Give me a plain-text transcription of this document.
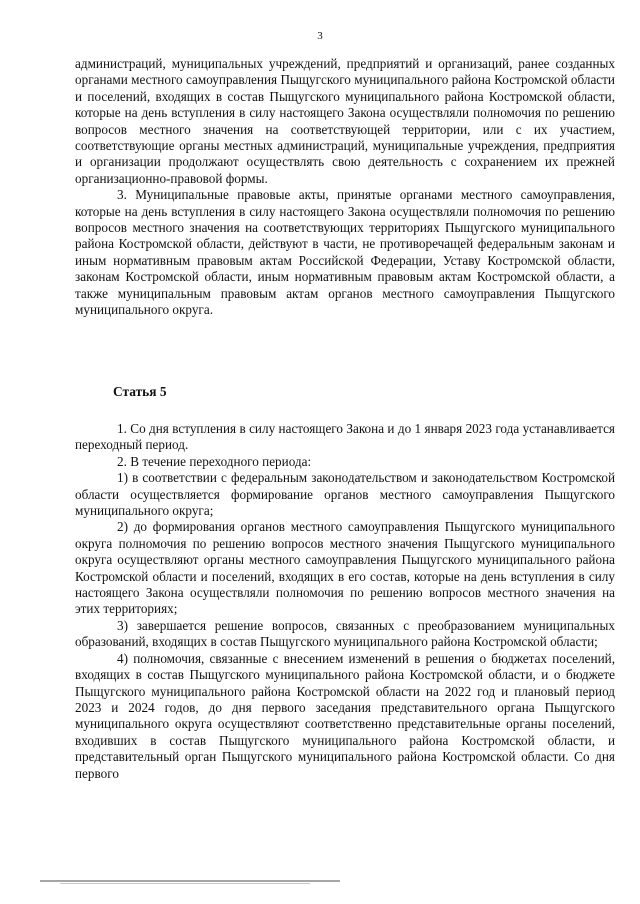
3

администраций, муниципальных учреждений, предприятий и организаций, ранее созданных органами местного самоуправления Пыщугского муниципального района Костромской области и поселений, входящих в состав Пыщугского муниципального района Костромской области, которые на день вступления в силу настоящего Закона осуществляли полномочия по решению вопросов местного значения на соответствующей территории, или с их участием, соответствующие органы местных администраций, муниципальные учреждения, предприятия и организации продолжают осуществлять свою деятельность с сохранением их прежней организационно-правовой формы.

3. Муниципальные правовые акты, принятые органами местного самоуправления, которые на день вступления в силу настоящего Закона осуществляли полномочия по решению вопросов местного значения на соответствующих территориях Пыщугского муниципального района Костромской области, действуют в части, не противоречащей федеральным законам и иным нормативным правовым актам Российской Федерации, Уставу Костромской области, законам Костромской области, иным нормативным правовым актам Костромской области, а также муниципальным правовым актам органов местного самоуправления Пыщугского муниципального округа.

Статья 5

1. Со дня вступления в силу настоящего Закона и до 1 января 2023 года устанавливается переходный период.

2. В течение переходного периода:

1) в соответствии с федеральным законодательством и законодательством Костромской области осуществляется формирование органов местного самоуправления Пыщугского муниципального округа;

2) до формирования органов местного самоуправления Пыщугского муниципального округа полномочия по решению вопросов местного значения Пыщугского муниципального округа осуществляют органы местного самоуправления Пыщугского муниципального района Костромской области и поселений, входящих в его состав, которые на день вступления в силу настоящего Закона осуществляли полномочия по решению вопросов местного значения на этих территориях;

3) завершается решение вопросов, связанных с преобразованием муниципальных образований, входящих в состав Пыщугского муниципального района Костромской области;

4) полномочия, связанные с внесением изменений в решения о бюджетах поселений, входящих в состав Пыщугского муниципального района Костромской области, и о бюджете Пыщугского муниципального района Костромской области на 2022 год и плановый период 2023 и 2024 годов, до дня первого заседания представительного органа Пыщугского муниципального округа осуществляют соответственно представительные органы поселений, входивших в состав Пыщугского муниципального района Костромской области, и представительный орган Пыщугского муниципального района Костромской области. Со дня первого
